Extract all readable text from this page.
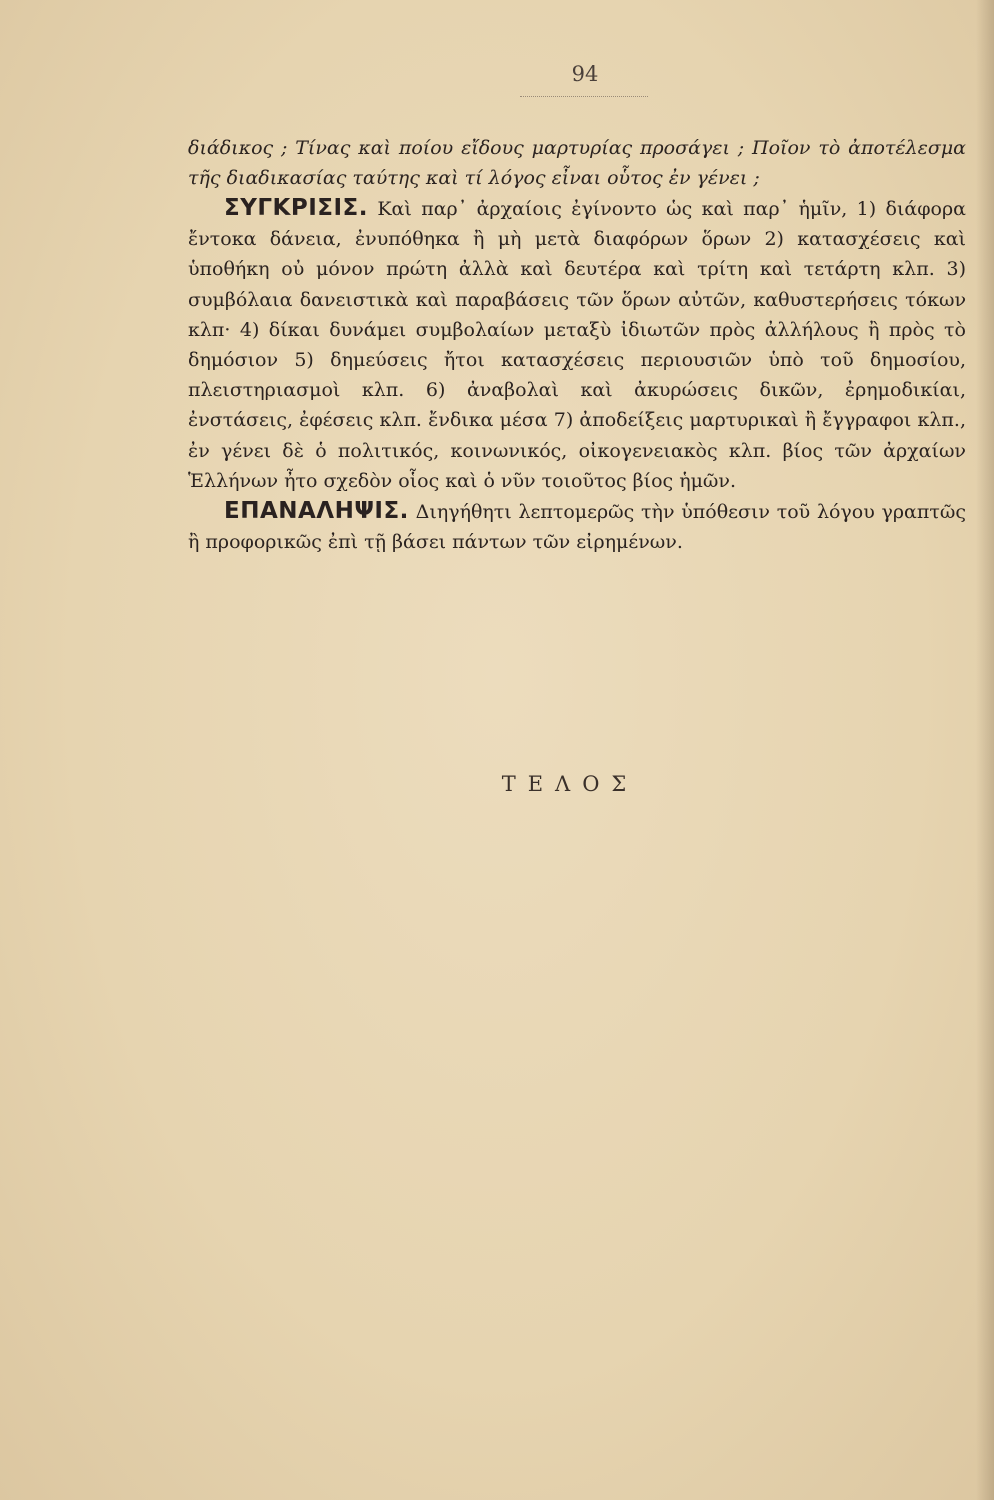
94
διάδικος ; Τίνας καὶ ποίου εἴδους μαρτυρίας προσάγει ; Ποῖον τὸ ἀποτέλεσμα τῆς διαδικασίας ταύτης καὶ τί λόγος εἶναι οὗτος ἐν γένει ;

ΣΥΓΚΡΙΣΙΣ. Καὶ παρ᾽ ἀρχαίοις ἐγίνοντο ὡς καὶ παρ᾽ ἡμῖν, 1) διάφορα ἔντοκα δάνεια, ἐνυπόθηκα ἢ μὴ μετὰ διαφόρων ὅρων 2) κατασχέσεις καὶ ὑποθήκη οὐ μόνον πρώτη ἀλλὰ καὶ δευτέρα καὶ τρίτη καὶ τετάρτη κλπ. 3) συμβόλαια δανειστικὰ καὶ παραβάσεις τῶν ὅρων αὐτῶν, καθυστερήσεις τόκων κλπ· 4) δίκαι δυνάμει συμβολαίων μεταξὺ ἰδιωτῶν πρὸς ἀλλήλους ἢ πρὸς τὸ δημόσιον 5) δημεύσεις ἤτοι κατασχέσεις περιουσιῶν ὑπὸ τοῦ δημοσίου, πλειστηριασμοὶ κλπ. 6) ἀναβολαὶ καὶ ἀκυρώσεις δικῶν, ἐρημοδικίαι, ἐνστάσεις, ἐφέσεις κλπ. ἔνδικα μέσα 7) ἀποδείξεις μαρτυρικαὶ ἢ ἔγγραφοι κλπ., ἐν γένει δὲ ὁ πολιτικός, κοινωνικός, οἰκογενειακὸς κλπ. βίος τῶν ἀρχαίων Ἑλλήνων ἦτο σχεδὸν οἷος καὶ ὁ νῦν τοιοῦτος βίος ἡμῶν.

ΕΠΑΝΑΛΗΨΙΣ. Διηγήθητι λεπτομερῶς τὴν ὑπόθεσιν τοῦ λόγου γραπτῶς ἢ προφορικῶς ἐπὶ τῇ βάσει πάντων τῶν εἰρημένων.

ΤΕΛΟΣ
